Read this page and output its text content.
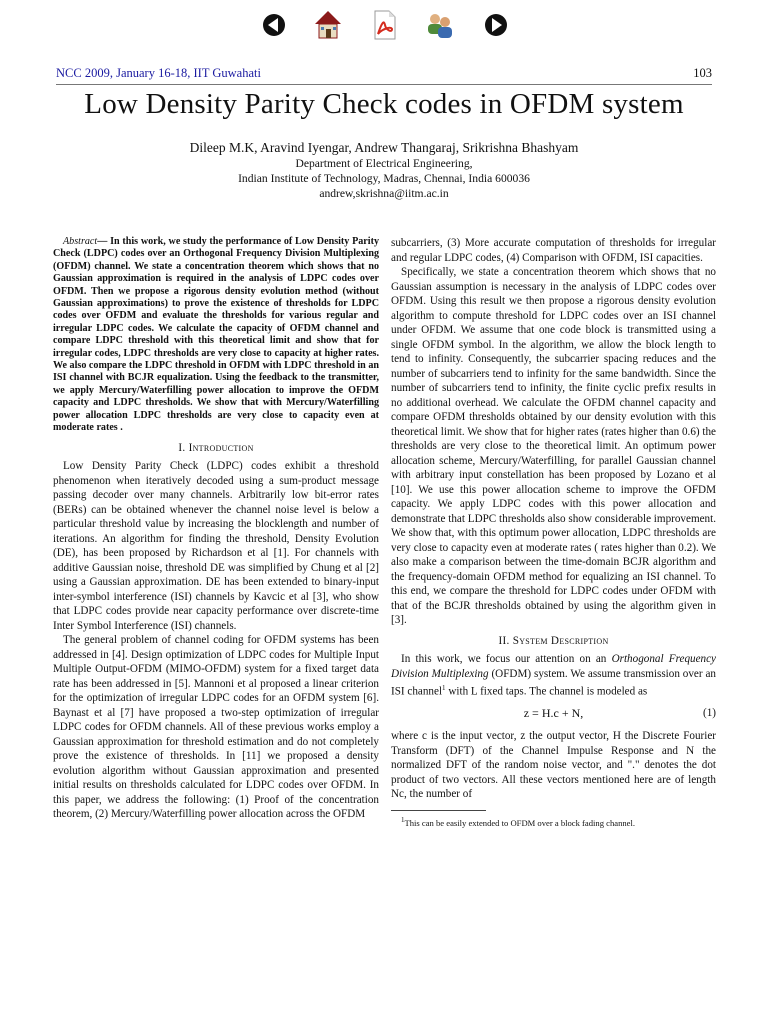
NCC 2009, January 16-18, IIT Guwahati	103
Low Density Parity Check codes in OFDM system
Dileep M.K, Aravind Iyengar, Andrew Thangaraj, Srikrishna Bhashyam
Department of Electrical Engineering,
Indian Institute of Technology, Madras, Chennai, India 600036
andrew,skrishna@iitm.ac.in

Abstract— In this work, we study the performance of Low Density Parity Check (LDPC) codes over an Orthogonal Frequency Division Multiplexing (OFDM) channel. We state a concentration theorem which shows that no Gaussian approximation is required in the analysis of LDPC codes over OFDM. Then we propose a rigorous density evolution method (without Gaussian approximations) to prove the existence of thresholds for LDPC codes over OFDM and evaluate the thresholds for various regular and irregular LDPC codes. We calculate the capacity of OFDM channel and compare LDPC threshold with this theoretical limit and show that for irregular codes, LDPC thresholds are very close to capacity at higher rates. We also compare the LDPC threshold in OFDM with LDPC threshold in an ISI channel with BCJR equalization. Using the feedback to the transmitter, we apply Mercury/Waterfilling power allocation to improve the OFDM capacity and LDPC thresholds. We show that with Mercury/Waterfilling power allocation LDPC thresholds are very close to capacity even at moderate rates .

I. Introduction

Low Density Parity Check (LDPC) codes exhibit a threshold phenomenon when iteratively decoded using a sum-product message passing decoder over many channels. Arbitrarily low bit-error rates (BERs) can be obtained whenever the channel noise level is below a particular threshold value by increasing the blocklength and number of iterations. An algorithm for finding the threshold, Density Evolution (DE), has been proposed by Richardson et al [1]. For channels with additive Gaussian noise, threshold DE was simplified by Chung et al [2] using a Gaussian approximation. DE has been extended to binary-input inter-symbol interference (ISI) channels by Kavcic et al [3], who show that LDPC codes provide near capacity performance over discrete-time Inter Symbol Interference (ISI) channels.

The general problem of channel coding for OFDM systems has been addressed in [4]. Design optimization of LDPC codes for Multiple Input Multiple Output-OFDM (MIMO-OFDM) system for a fixed target data rate has been addressed in [5]. Mannoni et al proposed a linear criterion for the optimization of irregular LDPC codes for an OFDM system [6]. Baynast et al [7] have proposed a two-step optimization of irregular LDPC codes for OFDM channels. All of these previous works employ a Gaussian approximation for threshold estimation and do not completely prove the existence of thresholds. In [11] we proposed a density evolution algorithm without Gaussian approximation and presented initial results on thresholds calculated for LDPC codes over OFDM. In this paper, we address the following: (1) Proof of the concentration theorem, (2) Mercury/Waterfilling power allocation across the OFDM

subcarriers, (3) More accurate computation of thresholds for irregular and regular LDPC codes, (4) Comparison with OFDM, ISI capacities.

Specifically, we state a concentration theorem which shows that no Gaussian assumption is necessary in the analysis of LDPC codes over OFDM. Using this result we then propose a rigorous density evolution algorithm to compute threshold for LDPC codes over an ISI channel under OFDM. We assume that one code block is transmitted using a single OFDM symbol. In the algorithm, we allow the block length to tend to infinity. Consequently, the subcarrier spacing reduces and the number of subcarriers tend to infinity for the same bandwidth. Since the number of subcarriers tend to infinity, the finite cyclic prefix results in no additional overhead. We calculate the OFDM channel capacity and compare OFDM thresholds obtained by our density evolution with this theoretical limit. We show that for higher rates (rates higher than 0.6) the thresholds are very close to the theoretical limit. An optimum power allocation scheme, Mercury/Waterfilling, for parallel Gaussian channel with arbitrary input constellation has been proposed by Lozano et al [10]. We use this power allocation scheme to improve the OFDM capacity. We apply LDPC codes with this power allocation and demonstrate that LDPC thresholds also show considerable improvement. We show that, with this optimum power allocation, LDPC thresholds are very close to capacity even at moderate rates ( rates higher than 0.2). We also make a comparison between the time-domain BCJR algorithm and the frequency-domain OFDM method for equalizing an ISI channel. To this end, we compare the threshold for LDPC codes under OFDM with that of the BCJR thresholds obtained by using the algorithm given in [3].

II. System Description

In this work, we focus our attention on an Orthogonal Frequency Division Multiplexing (OFDM) system. We assume transmission over an ISI channel$^1$ with L fixed taps. The channel is modeled as

z = H.c + N,	(1)

where c is the input vector, z the output vector, H the Discrete Fourier Transform (DFT) of the Channel Impulse Response and N the normalized DFT of the random noise vector, and "." denotes the dot product of two vectors. All these vectors mentioned here are of length Nc, the number of

$^1$This can be easily extended to OFDM over a block fading channel.
